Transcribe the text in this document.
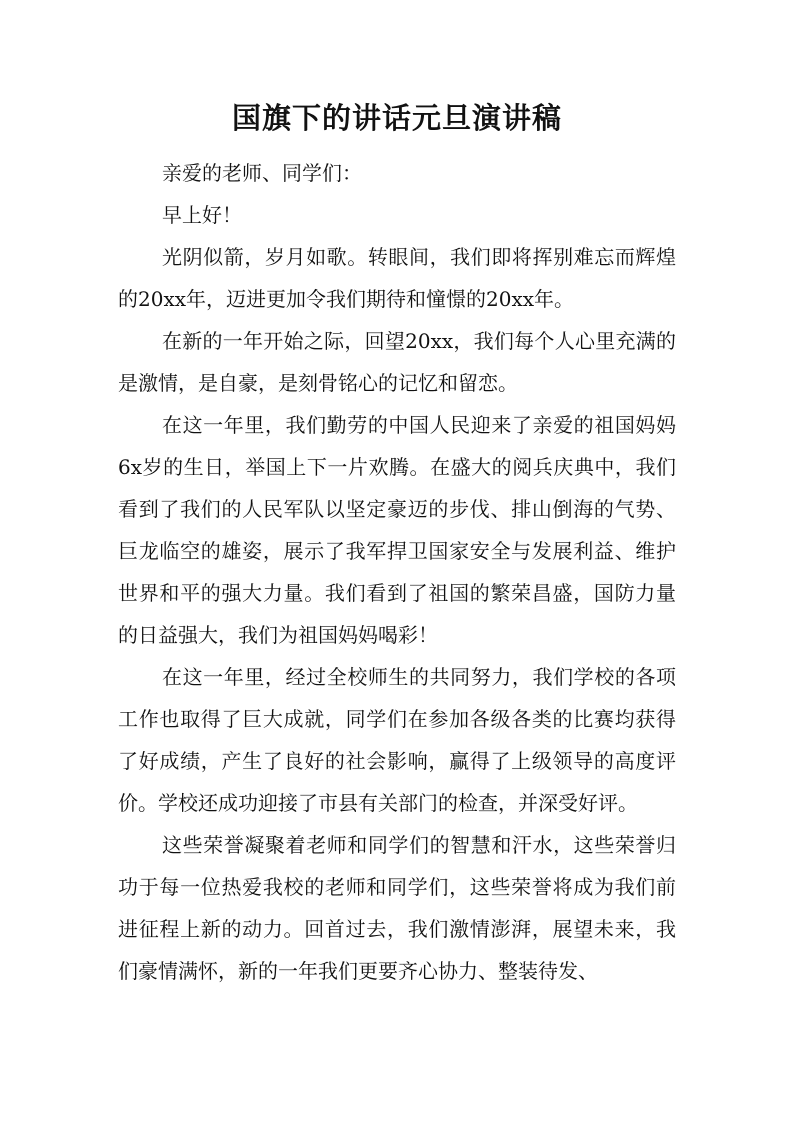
国旗下的讲话元旦演讲稿

亲爱的老师、同学们：

早上好！

光阴似箭，岁月如歌。转眼间，我们即将挥别难忘而辉煌的20xx年，迈进更加令我们期待和憧憬的20xx年。

在新的一年开始之际，回望20xx，我们每个人心里充满的是激情，是自豪，是刻骨铭心的记忆和留恋。

在这一年里，我们勤劳的中国人民迎来了亲爱的祖国妈妈6x岁的生日，举国上下一片欢腾。在盛大的阅兵庆典中，我们看到了我们的人民军队以坚定豪迈的步伐、排山倒海的气势、巨龙临空的雄姿，展示了我军捍卫国家安全与发展利益、维护世界和平的强大力量。我们看到了祖国的繁荣昌盛，国防力量的日益强大，我们为祖国妈妈喝彩！

在这一年里，经过全校师生的共同努力，我们学校的各项工作也取得了巨大成就，同学们在参加各级各类的比赛均获得了好成绩，产生了良好的社会影响，赢得了上级领导的高度评价。学校还成功迎接了市县有关部门的检查，并深受好评。

这些荣誉凝聚着老师和同学们的智慧和汗水，这些荣誉归功于每一位热爱我校的老师和同学们，这些荣誉将成为我们前进征程上新的动力。回首过去，我们激情澎湃，展望未来，我们豪情满怀，新的一年我们更要齐心协力、整装待发、
